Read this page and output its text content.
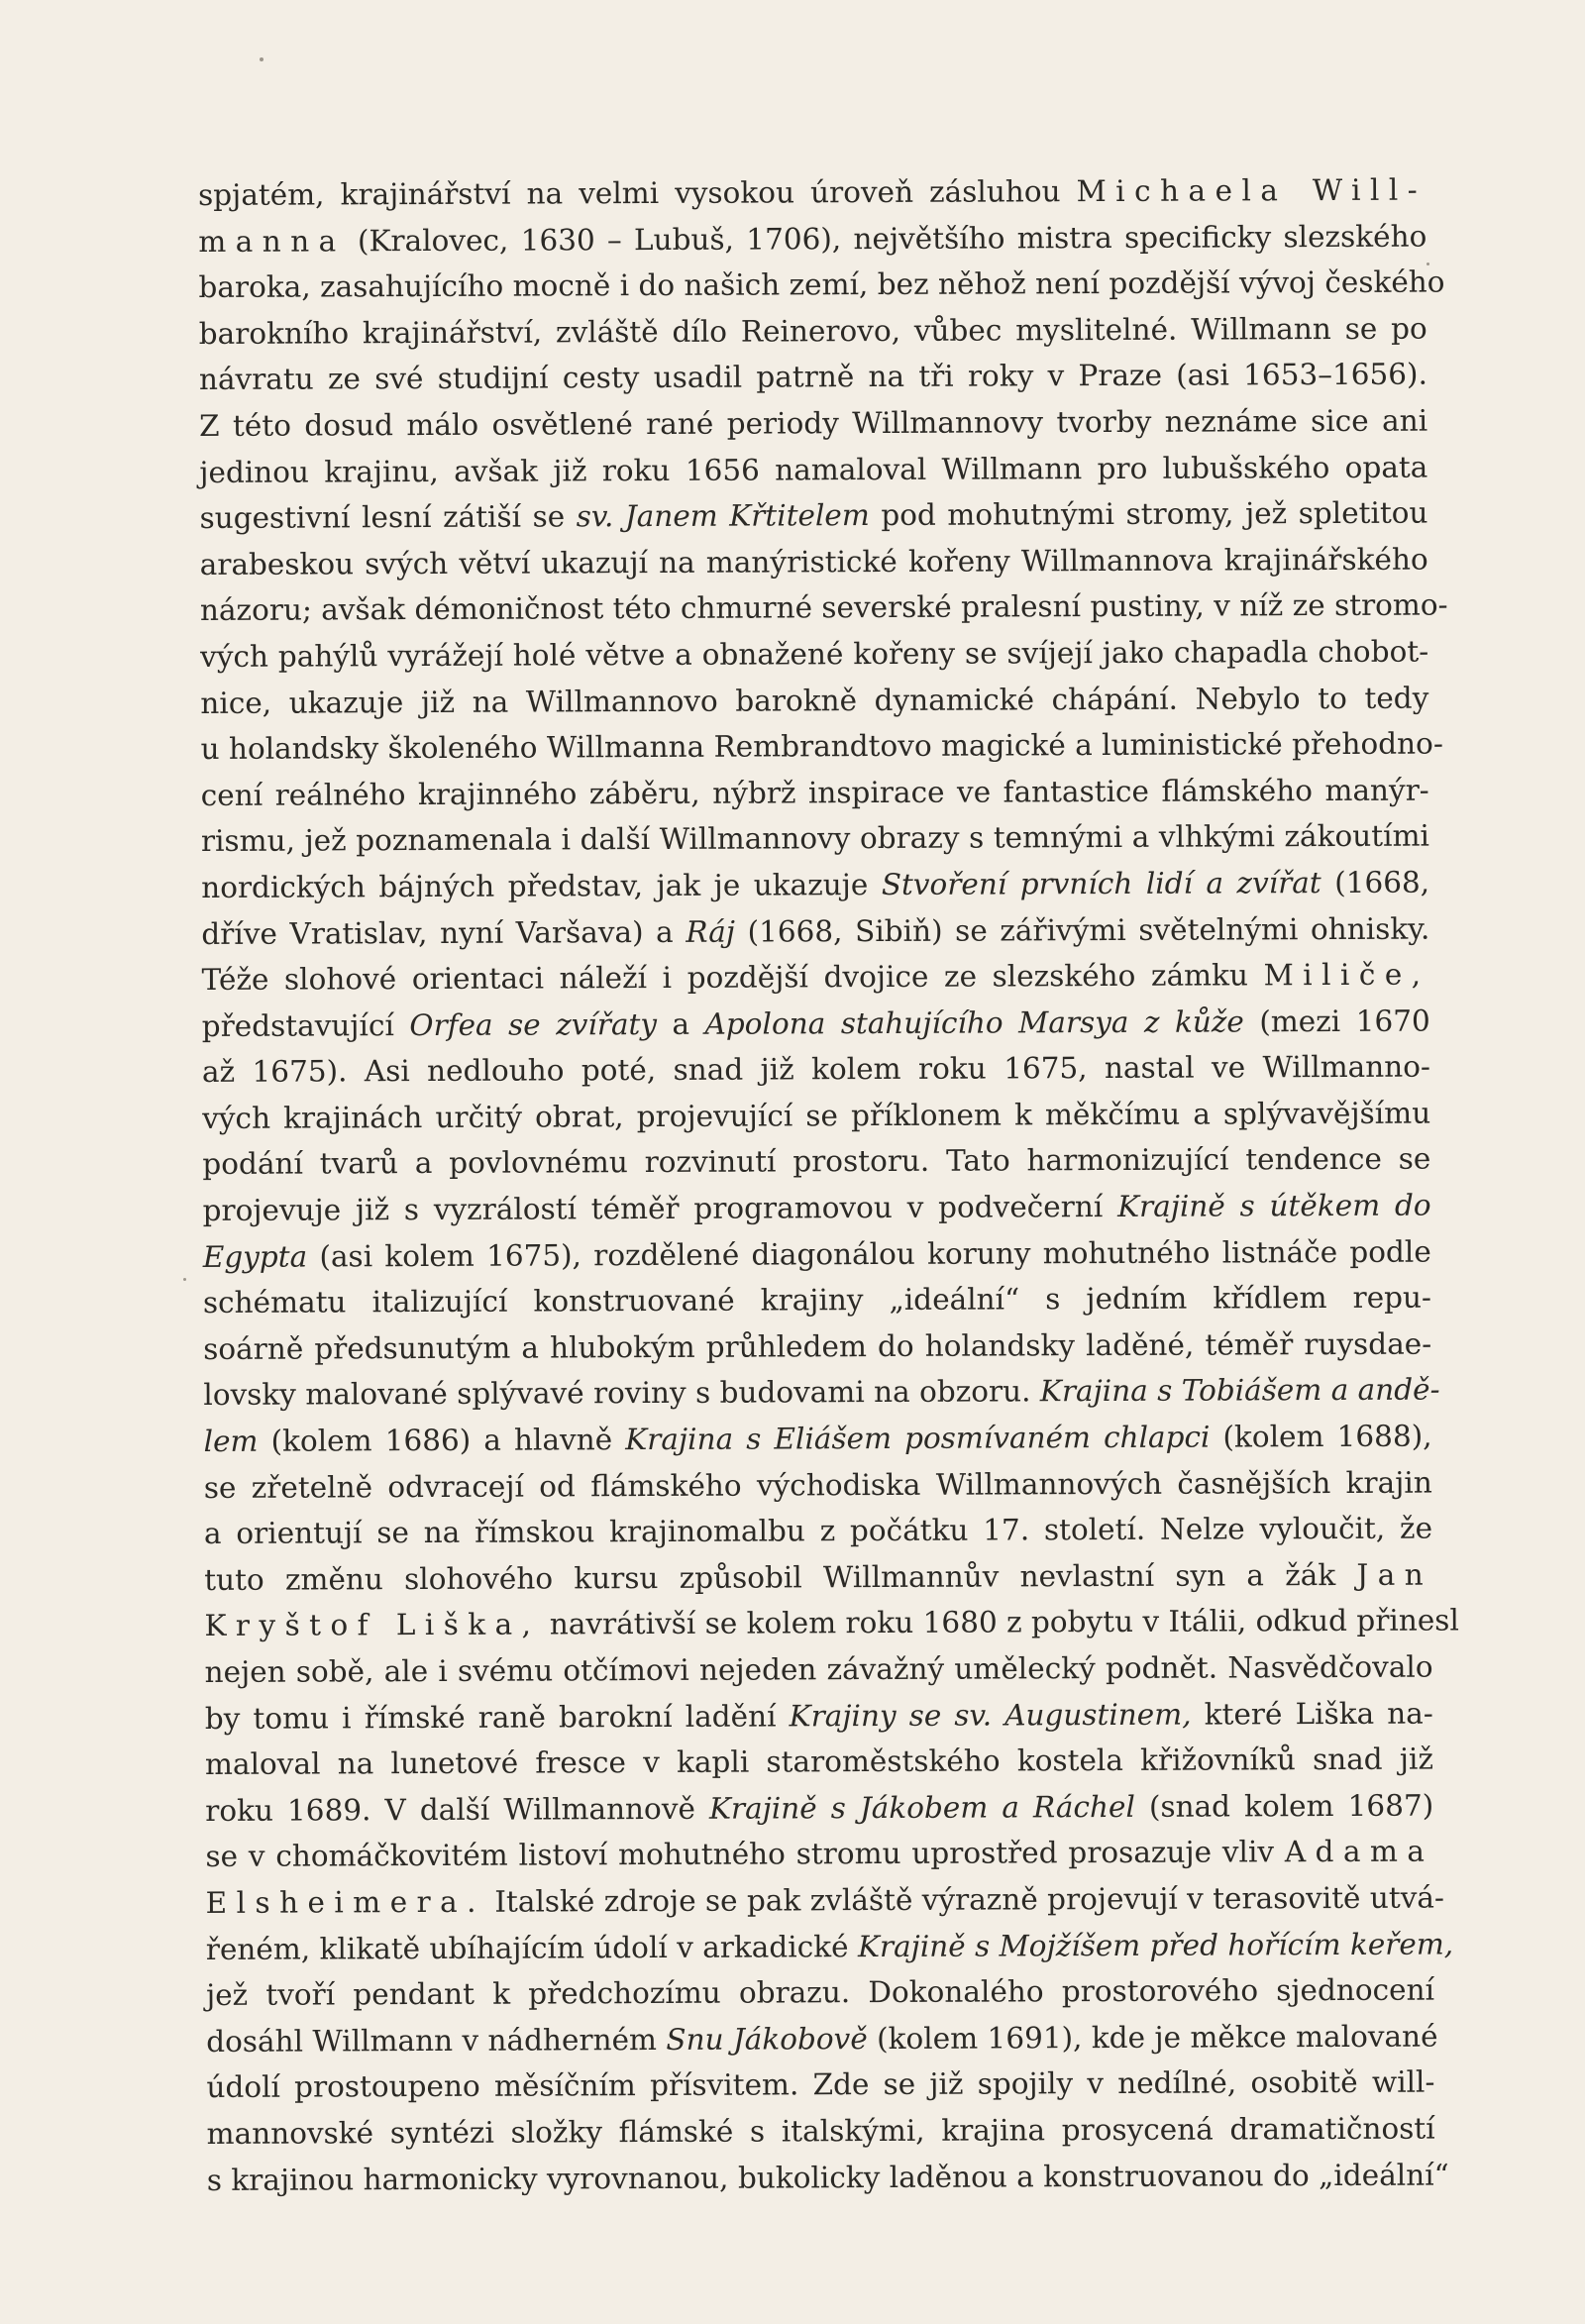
spjatém, krajinářství na velmi vysokou úroveň zásluhou Michaela Will-
manna (Kralovec, 1630 – Lubuš, 1706), největšího mistra specificky slezského
baroka, zasahujícího mocně i do našich zemí, bez něhož není pozdější vývoj českého
barokního krajinářství, zvláště dílo Reinerovo, vůbec myslitelné. Willmann se po
návratu ze své studijní cesty usadil patrně na tři roky v Praze (asi 1653–1656).
Z této dosud málo osvětlené rané periody Willmannovy tvorby neznáme sice ani
jedinou krajinu, avšak již roku 1656 namaloval Willmann pro lubušského opata
sugestivní lesní zátiší se sv. Janem Křtitelem pod mohutnými stromy, jež spletitou
arabeskou svých větví ukazují na manýristické kořeny Willmannova krajinářského
názoru; avšak démoničnost této chmurné severské pralesní pustiny, v níž ze stromo-
vých pahýlů vyrážejí holé větve a obnažené kořeny se svíjejí jako chapadla chobot-
nice, ukazuje již na Willmannovo barokně dynamické chápání. Nebylo to tedy
u holandsky školeného Willmanna Rembrandtovo magické a luministické přehodno-
cení reálného krajinného záběru, nýbrž inspirace ve fantastice flámského manýr-
rismu, jež poznamenala i další Willmannovy obrazy s temnými a vlhkými zákoutími
nordických bájných představ, jak je ukazuje Stvoření prvních lidí a zvířat (1668,
dříve Vratislav, nyní Varšava) a Ráj (1668, Sibiň) se zářivými světelnými ohnisky.
Téže slohové orientaci náleží i pozdější dvojice ze slezského zámku Miliče,
představující Orfea se zvířaty a Apolona stahujícího Marsya z kůže (mezi 1670
až 1675). Asi nedlouho poté, snad již kolem roku 1675, nastal ve Willmanno-
vých krajinách určitý obrat, projevující se příklonem k měkčímu a splývavějšímu
podání tvarů a povlovnému rozvinutí prostoru. Tato harmonizující tendence se
projevuje již s vyzrálostí téměř programovou v podvečerní Krajině s útěkem do
Egypta (asi kolem 1675), rozdělené diagonálou koruny mohutného listnáče podle
schématu italizující konstruované krajiny „ideální“ s jedním křídlem repu-
soárně předsunutým a hlubokým průhledem do holandsky laděné, téměř ruysdae-
lovsky malované splývavé roviny s budovami na obzoru. Krajina s Tobiášem a andě-
lem (kolem 1686) a hlavně Krajina s Eliášem posmívaném chlapci (kolem 1688),
se zřetelně odvracejí od flámského východiska Willmannových časnějších krajin
a orientují se na římskou krajinomalbu z počátku 17. století. Nelze vyloučit, že
tuto změnu slohového kursu způsobil Willmannův nevlastní syn a žák Jan
Kryštof Liška, navrátivší se kolem roku 1680 z pobytu v Itálii, odkud přinesl
nejen sobě, ale i svému otčímovi nejeden závažný umělecký podnět. Nasvědčovalo
by tomu i římské raně barokní ladění Krajiny se sv. Augustinem, které Liška na-
maloval na lunetové fresce v kapli staroměstského kostela křižovníků snad již
roku 1689. V další Willmannově Krajině s Jákobem a Ráchel (snad kolem 1687)
se v chomáčkovitém listoví mohutného stromu uprostřed prosazuje vliv Adama
Elsheimera. Italské zdroje se pak zvláště výrazně projevují v terasovitě utvá-
řeném, klikatě ubíhajícím údolí v arkadické Krajině s Mojžíšem před hořícím keřem,
jež tvoří pendant k předchozímu obrazu. Dokonalého prostorového sjednocení
dosáhl Willmann v nádherném Snu Jákobově (kolem 1691), kde je měkce malované
údolí prostoupeno měsíčním přísvitem. Zde se již spojily v nedílné, osobitě will-
mannovské syntézi složky flámské s italskými, krajina prosycená dramatičností
s krajinou harmonicky vyrovnanou, bukolicky laděnou a konstruovanou do „ideální“
